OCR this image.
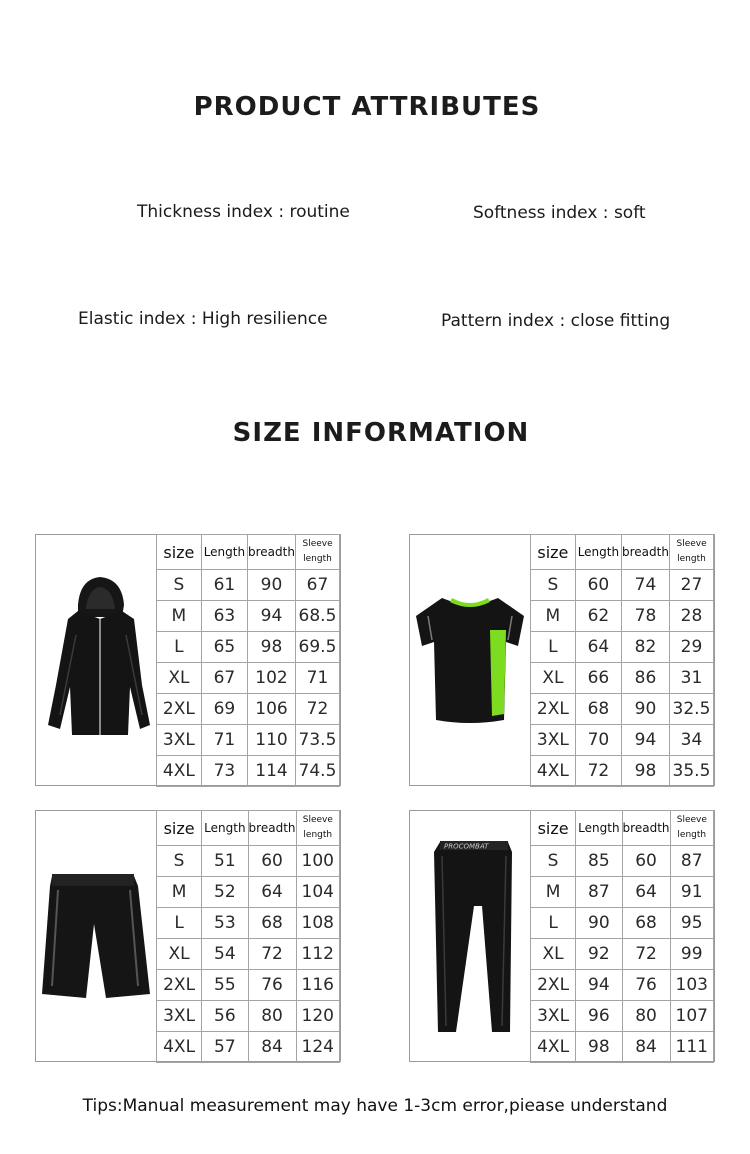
PRODUCT ATTRIBUTES
Thickness index : routine	Softness index : soft
Elastic index : High resilience	Pattern index : close fitting
SIZE INFORMATION
size	Length	breadth	Sleeve length
S	61	90	67
M	63	94	68.5
L	65	98	69.5
XL	67	102	71
2XL	69	106	72
3XL	71	110	73.5
4XL	73	114	74.5
size	Length	breadth	Sleeve length
S	60	74	27
M	62	78	28
L	64	82	29
XL	66	86	31
2XL	68	90	32.5
3XL	70	94	34
4XL	72	98	35.5
size	Length	breadth	Sleeve length
S	51	60	100
M	52	64	104
L	53	68	108
XL	54	72	112
2XL	55	76	116
3XL	56	80	120
4XL	57	84	124
PROCOMBAT
size	Length	breadth	Sleeve length
S	85	60	87
M	87	64	91
L	90	68	95
XL	92	72	99
2XL	94	76	103
3XL	96	80	107
4XL	98	84	111
Tips:Manual measurement may have 1-3cm error,piease understand
